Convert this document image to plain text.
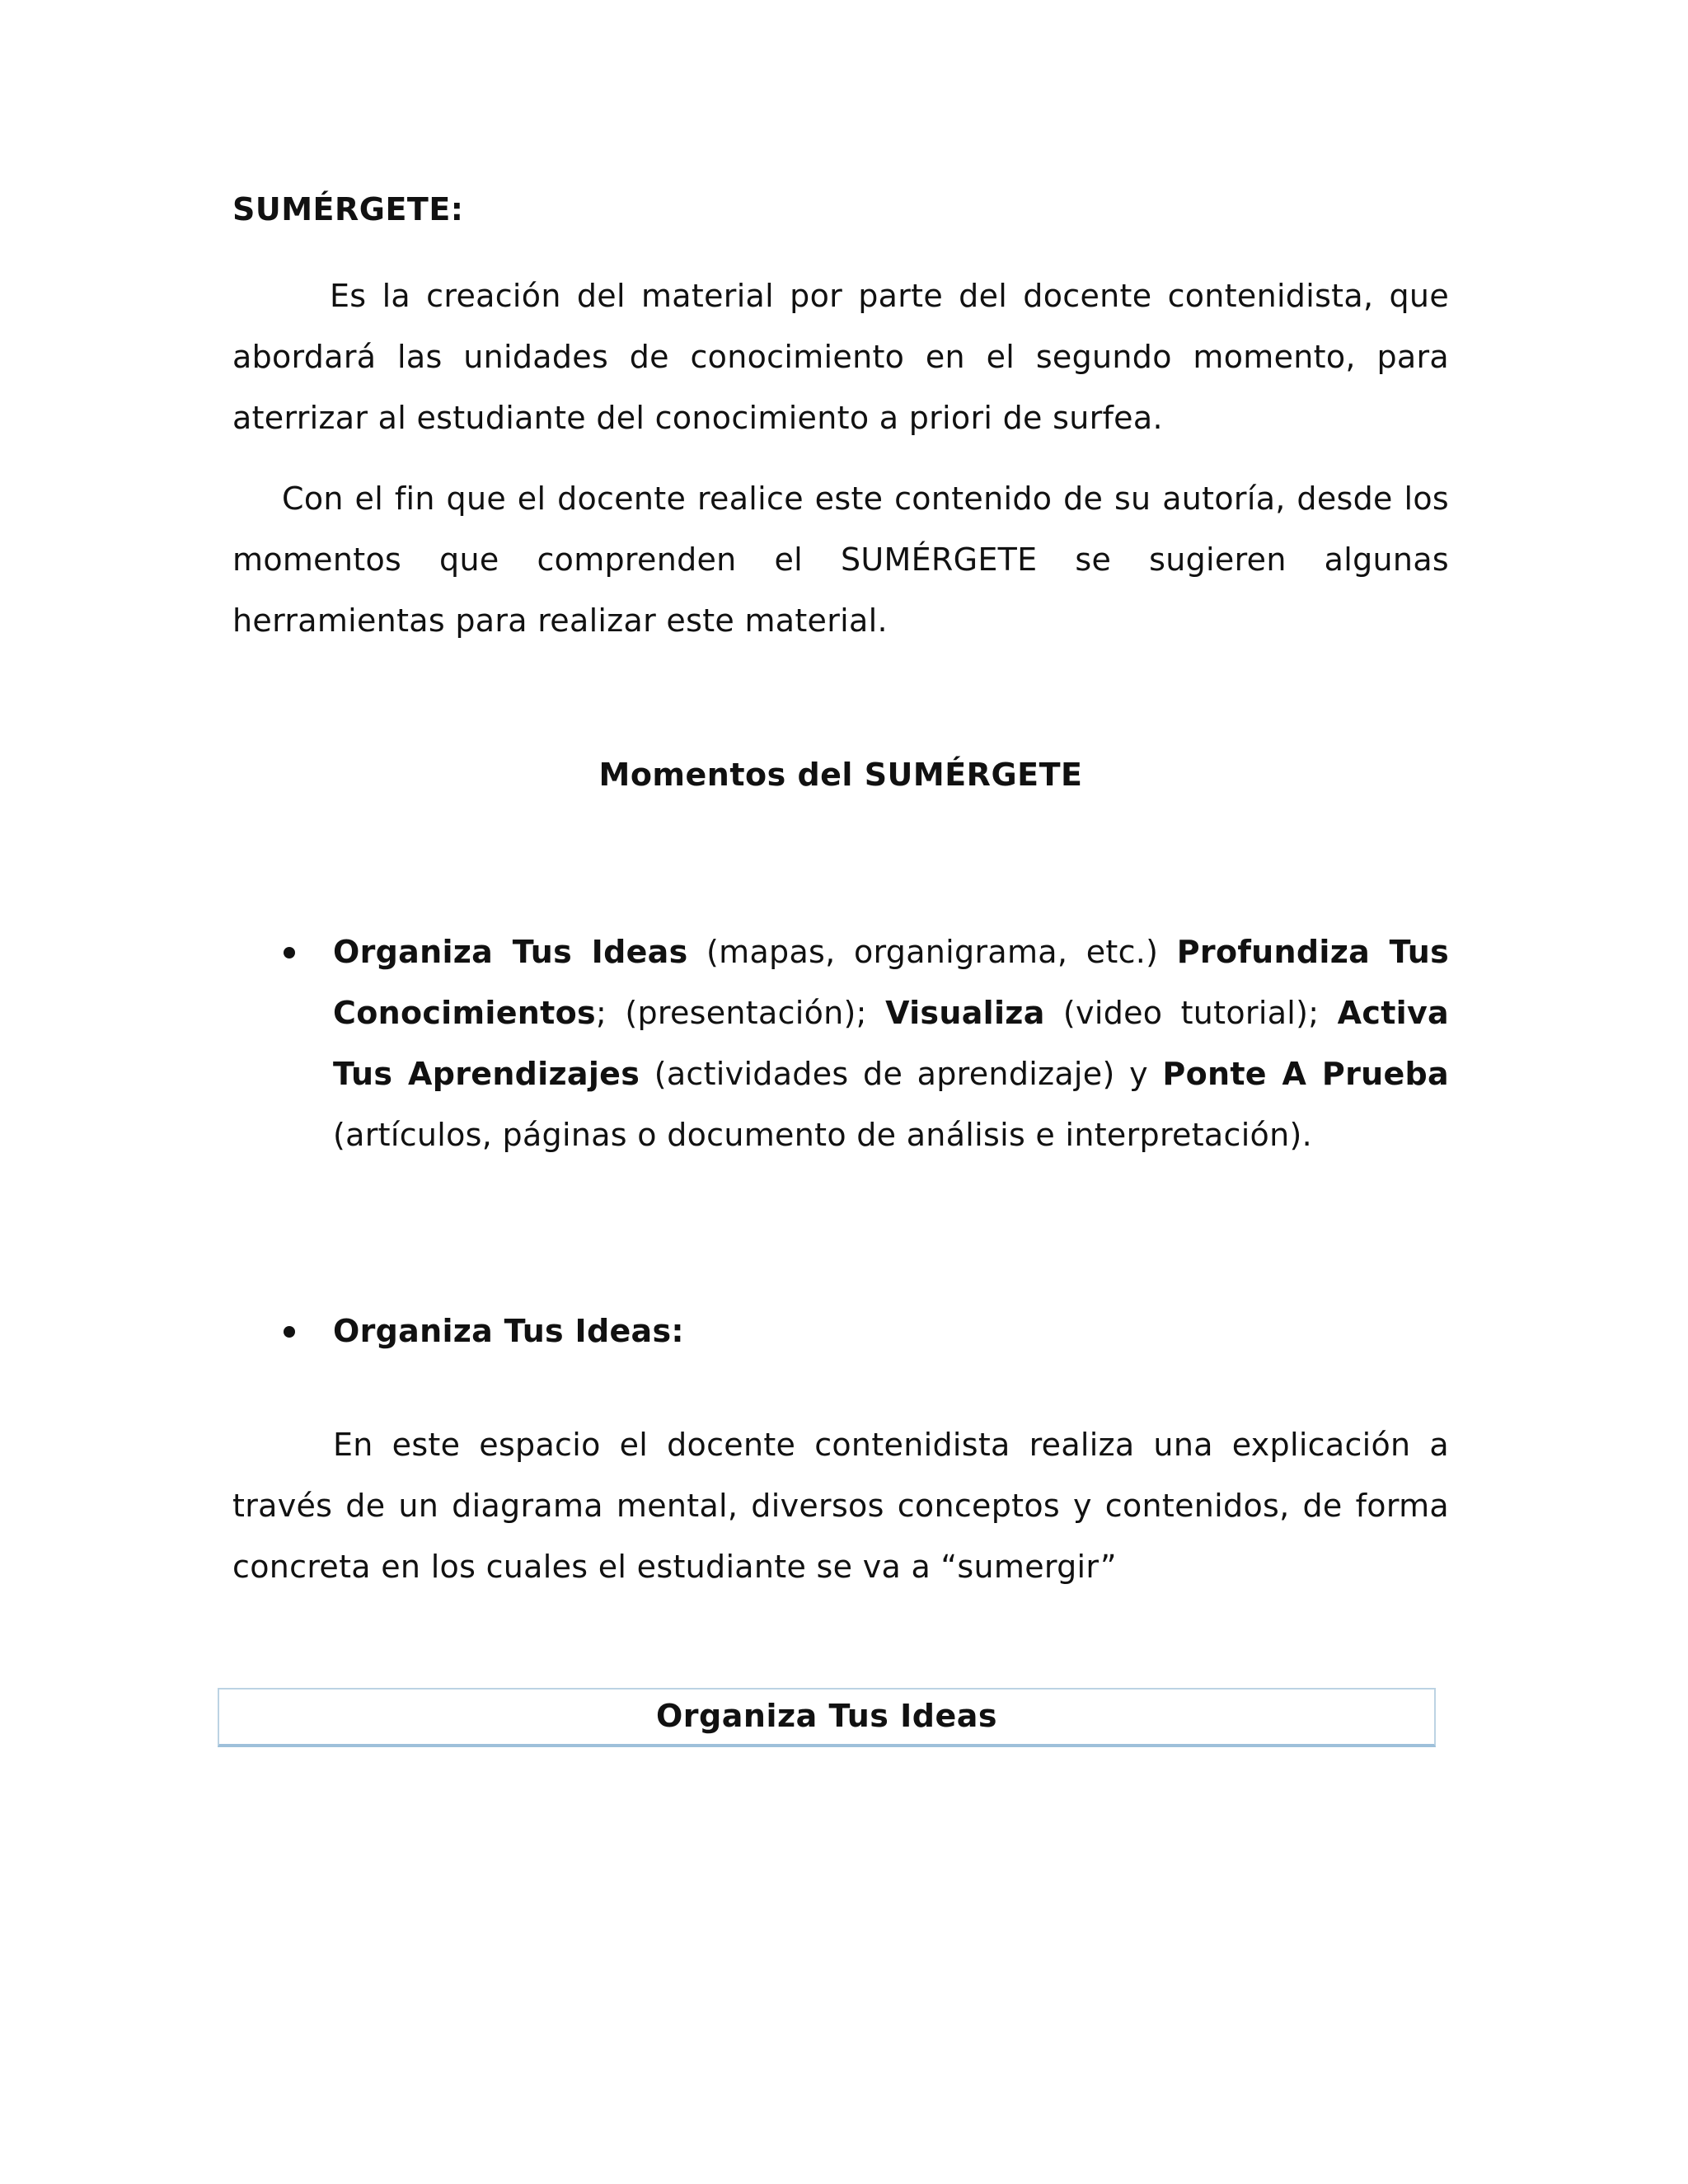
SUMÉRGETE:

Es la creación del material por parte del docente contenidista, que abordará las unidades de conocimiento en el segundo momento, para aterrizar al estudiante del conocimiento a priori de surfea.

Con el fin que el docente realice este contenido de su autoría, desde los momentos que comprenden el SUMÉRGETE se sugieren algunas herramientas para realizar este material.

Momentos del SUMÉRGETE
Organiza Tus Ideas (mapas, organigrama, etc.) Profundiza Tus Conocimientos; (presentación); Visualiza (video tutorial); Activa Tus Aprendizajes (actividades de aprendizaje) y Ponte A Prueba (artículos, páginas o documento de análisis e interpretación).
Organiza Tus Ideas:

En este espacio el docente contenidista realiza una explicación a través de un diagrama mental, diversos conceptos y contenidos, de forma concreta en los cuales el estudiante se va a “sumergir”

Organiza Tus Ideas
